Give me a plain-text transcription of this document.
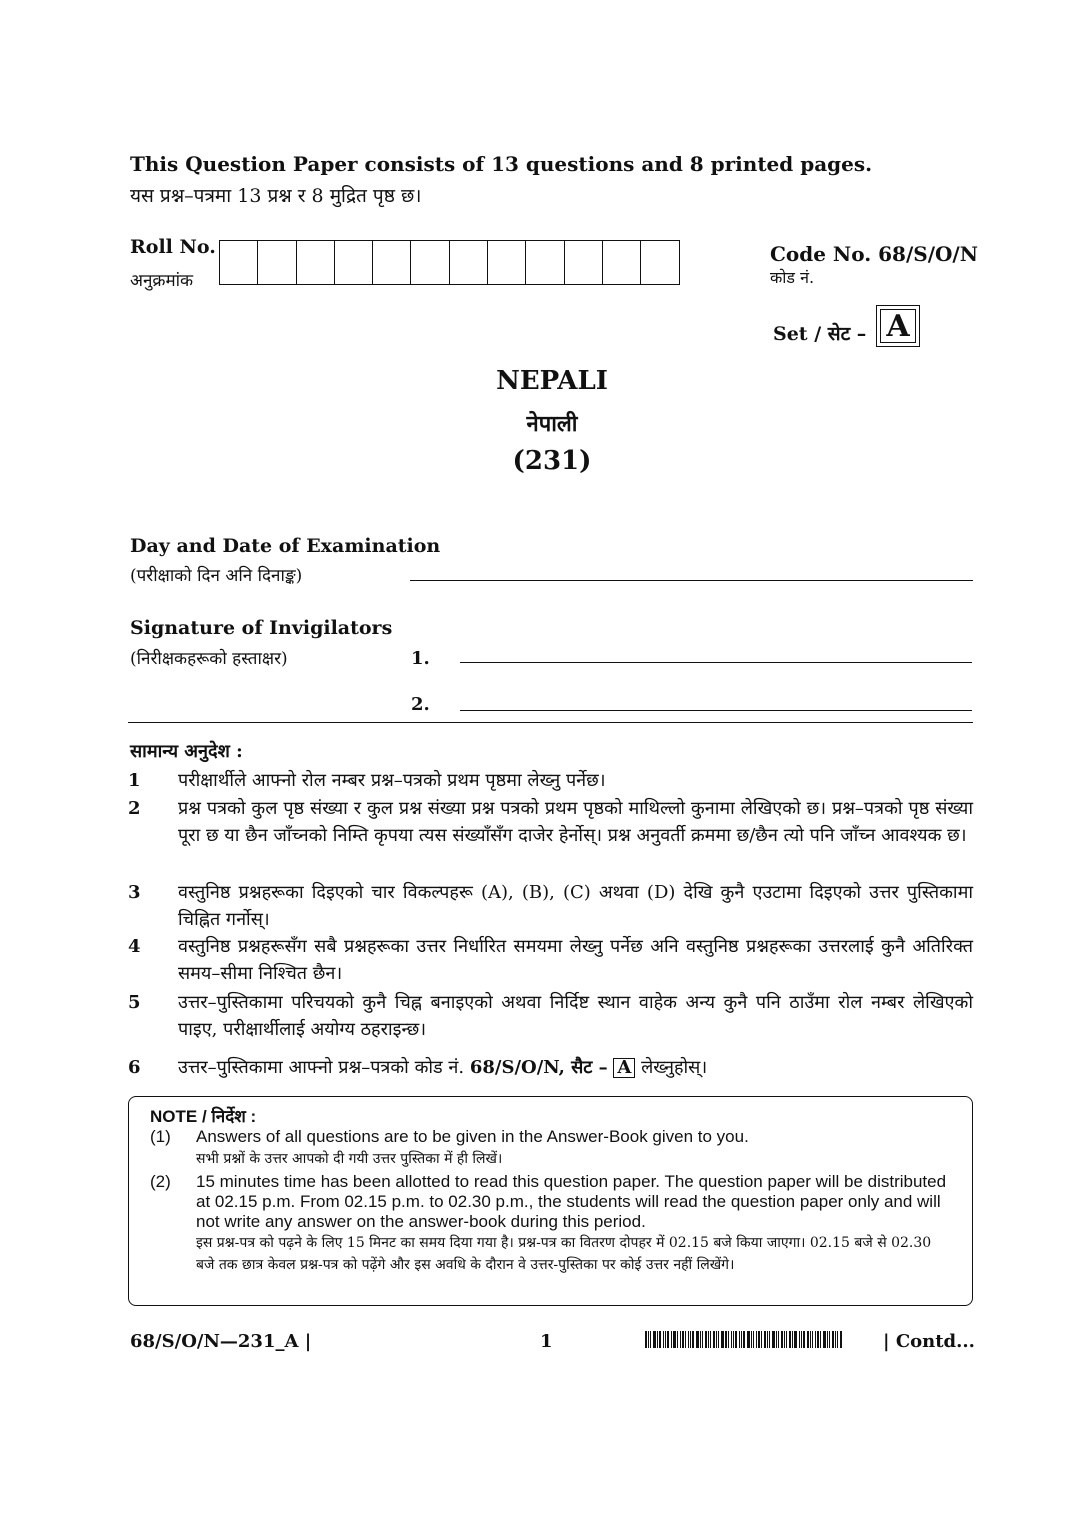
This Question Paper consists of 13 questions and 8 printed pages.
यस प्रश्न–पत्रमा 13 प्रश्न र 8 मुद्रित पृष्ठ छ।
Roll No.
अनुक्रमांक
Code No. 68/S/O/N
कोड नं.
Set / सेट – A
NEPALI
नेपाली
(231)
Day and Date of Examination
(परीक्षाको दिन अनि दिनाङ्क)
Signature of Invigilators
(निरीक्षकहरूको हस्ताक्षर)	1.
2.
सामान्य अनुदेश :
1 परीक्षार्थीले आफ्नो रोल नम्बर प्रश्न–पत्रको प्रथम पृष्ठमा लेख्नु पर्नेछ।
2 प्रश्न पत्रको कुल पृष्ठ संख्या र कुल प्रश्न संख्या प्रश्न पत्रको प्रथम पृष्ठको माथिल्लो कुनामा लेखिएको छ। प्रश्न–पत्रको पृष्ठ संख्या पूरा छ या छैन जाँच्नको निम्ति कृपया त्यस संख्याँसँग दाजेर हेर्नोस्। प्रश्न अनुवर्ती क्रममा छ/छैन त्यो पनि जाँच्न आवश्यक छ।
3 वस्तुनिष्ठ प्रश्नहरूका दिइएको चार विकल्पहरू (A), (B), (C) अथवा (D) देखि कुनै एउटामा दिइएको उत्तर पुस्तिकामा चिह्नित गर्नोस्।
4 वस्तुनिष्ठ प्रश्नहरूसँग सबै प्रश्नहरूका उत्तर निर्धारित समयमा लेख्नु पर्नेछ अनि वस्तुनिष्ठ प्रश्नहरूका उत्तरलाई कुनै अतिरिक्त समय–सीमा निश्चित छैन।
5 उत्तर–पुस्तिकामा परिचयको कुनै चिह्न बनाइएको अथवा निर्दिष्ट स्थान वाहेक अन्य कुनै पनि ठाउँमा रोल नम्बर लेखिएको पाइए, परीक्षार्थीलाई अयोग्य ठहराइन्छ।
6 उत्तर–पुस्तिकामा आफ्नो प्रश्न–पत्रको कोड नं. 68/S/O/N, सैट – A लेख्नुहोस्।
NOTE / निर्देश :
(1) Answers of all questions are to be given in the Answer-Book given to you.
सभी प्रश्नों के उत्तर आपको दी गयी उत्तर पुस्तिका में ही लिखें।
(2) 15 minutes time has been allotted to read this question paper. The question paper will be distributed at 02.15 p.m. From 02.15 p.m. to 02.30 p.m., the students will read the question paper only and will not write any answer on the answer-book during this period.
इस प्रश्न-पत्र को पढ़ने के लिए 15 मिनट का समय दिया गया है। प्रश्न-पत्र का वितरण दोपहर में 02.15 बजे किया जाएगा। 02.15 बजे से 02.30 बजे तक छात्र केवल प्रश्न-पत्र को पढ़ेंगे और इस अवधि के दौरान वे उत्तर-पुस्तिका पर कोई उत्तर नहीं लिखेंगे।
68/S/O/N—231_A |	1	| Contd...
